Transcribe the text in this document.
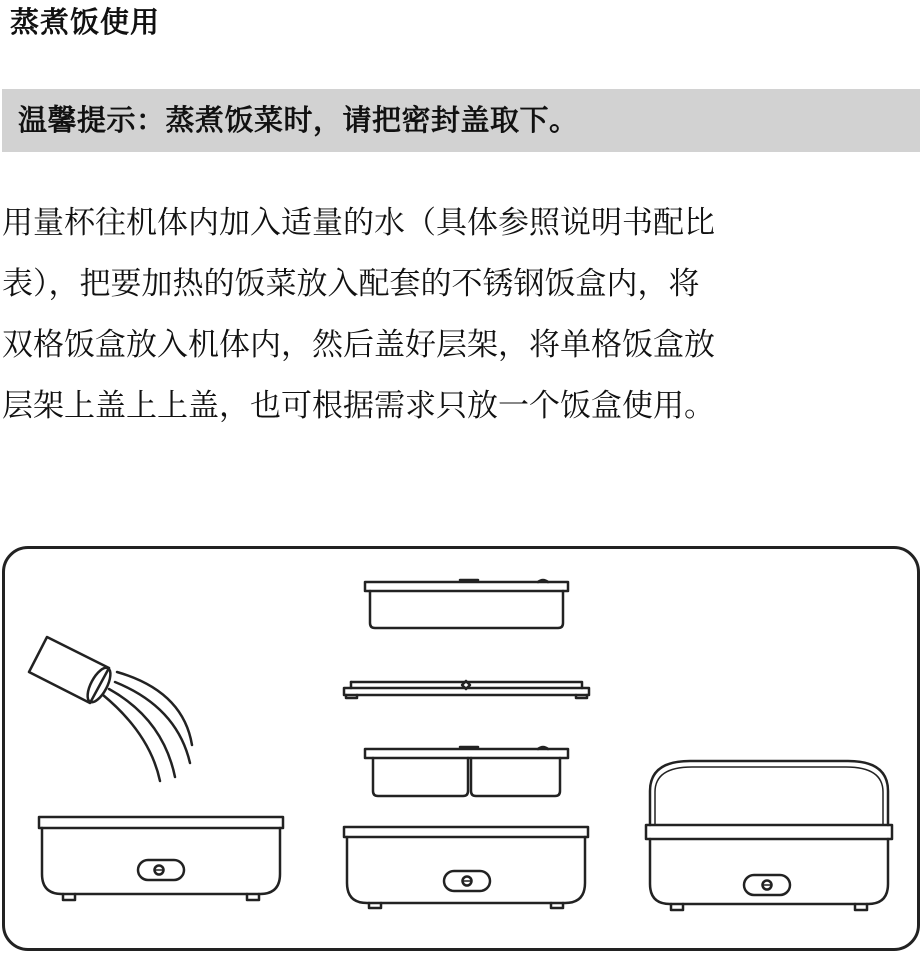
蒸煮饭使用
温馨提示：蒸煮饭菜时，请把密封盖取下。
用量杯往机体内加入适量的水（具体参照说明书配比
表），把要加热的饭菜放入配套的不锈钢饭盒内，将
双格饭盒放入机体内，然后盖好层架，将单格饭盒放
层架上盖上上盖，也可根据需求只放一个饭盒使用。
